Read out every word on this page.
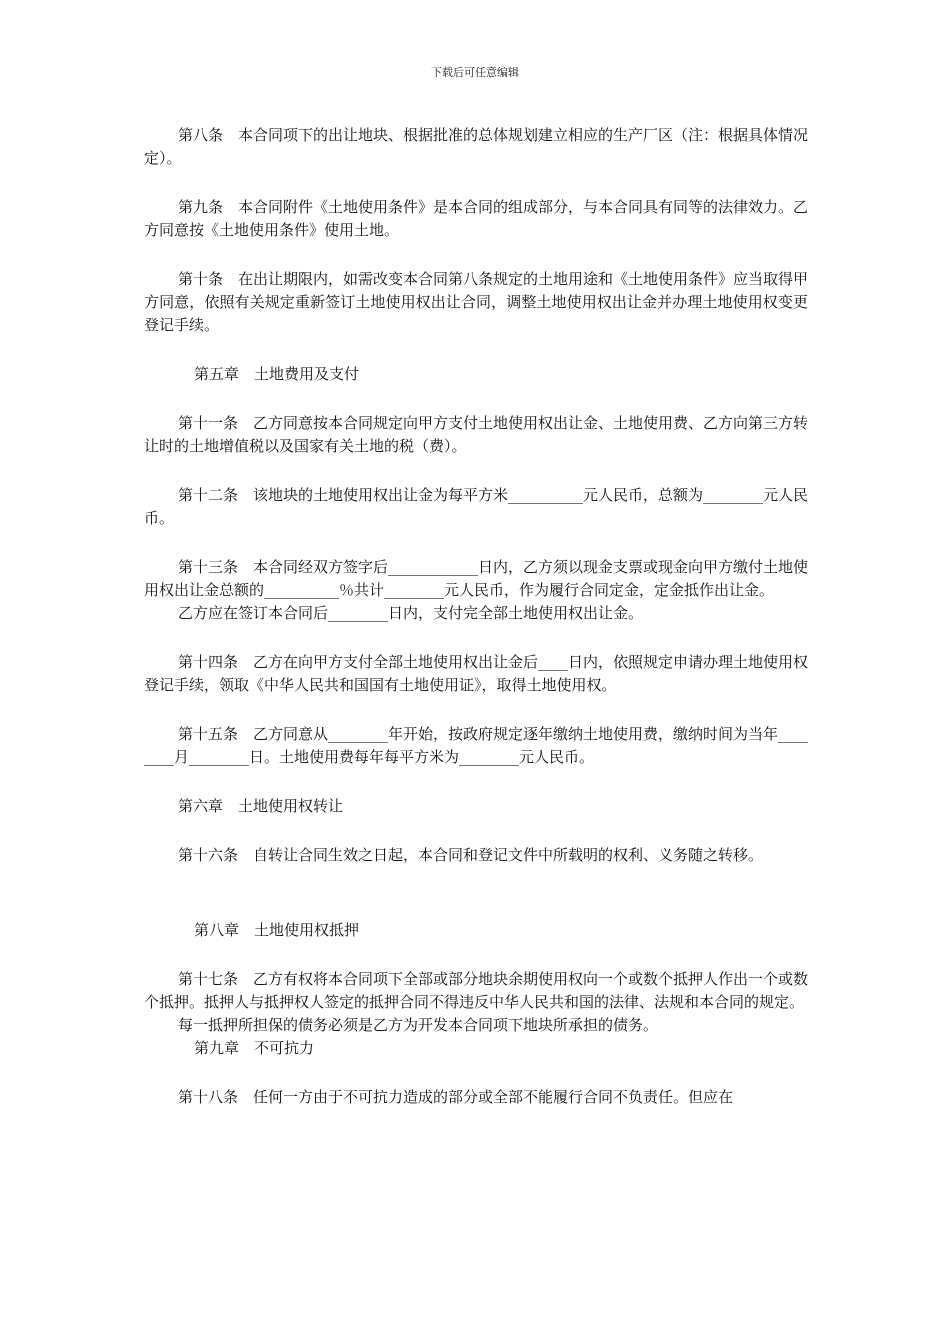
下载后可任意编辑

第八条　本合同项下的出让地块、根据批准的总体规划建立相应的生产厂区（注：根据具体情况定）。

第九条　本合同附件《土地使用条件》是本合同的组成部分，与本合同具有同等的法律效力。乙方同意按《土地使用条件》使用土地。

第十条　在出让期限内，如需改变本合同第八条规定的土地用途和《土地使用条件》应当取得甲方同意，依照有关规定重新签订土地使用权出让合同，调整土地使用权出让金并办理土地使用权变更登记手续。

第五章　土地费用及支付

第十一条　乙方同意按本合同规定向甲方支付土地使用权出让金、土地使用费、乙方向第三方转让时的土地增值税以及国家有关土地的税（费）。

第十二条　该地块的土地使用权出让金为每平方米__________元人民币，总额为________元人民币。

第十三条　本合同经双方签字后____________日内，乙方须以现金支票或现金向甲方缴付土地使用权出让金总额的__________％共计________元人民币，作为履行合同定金，定金抵作出让金。

乙方应在签订本合同后________日内，支付完全部土地使用权出让金。

第十四条　乙方在向甲方支付全部土地使用权出让金后____日内，依照规定申请办理土地使用权登记手续，领取《中华人民共和国国有土地使用证》，取得土地使用权。

第十五条　乙方同意从________年开始，按政府规定逐年缴纳土地使用费，缴纳时间为当年________月________日。土地使用费每年每平方米为________元人民币。

第六章　土地使用权转让

第十六条　自转让合同生效之日起，本合同和登记文件中所载明的权利、义务随之转移。

第八章　土地使用权抵押

第十七条　乙方有权将本合同项下全部或部分地块余期使用权向一个或数个抵押人作出一个或数个抵押。抵押人与抵押权人签定的抵押合同不得违反中华人民共和国的法律、法规和本合同的规定。

每一抵押所担保的债务必须是乙方为开发本合同项下地块所承担的债务。

第九章　不可抗力

第十八条　任何一方由于不可抗力造成的部分或全部不能履行合同不负责任。但应在
